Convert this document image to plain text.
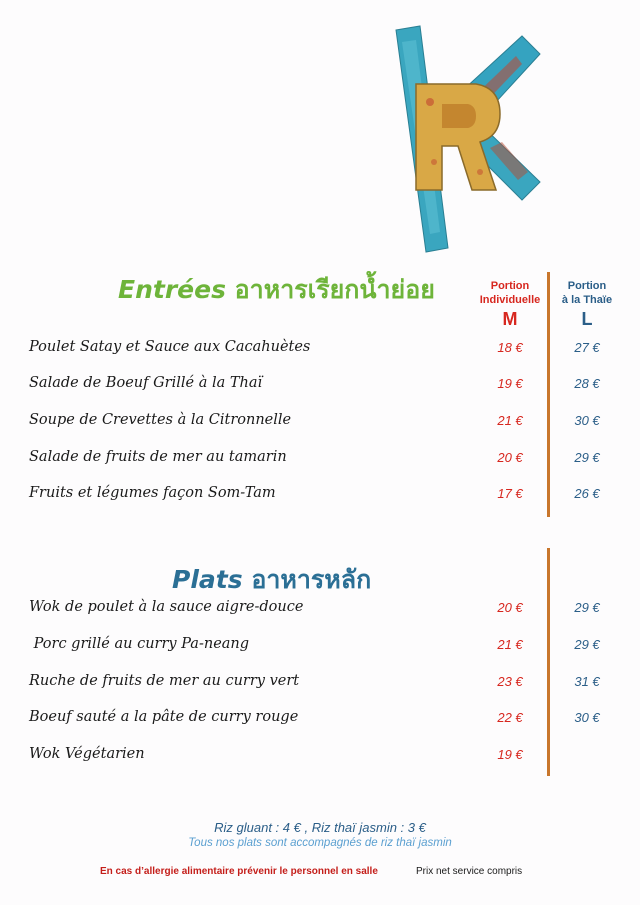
Entrées อาหารเรียกน้ำย่อย	Portion
Individuelle
Portion
à la Thaïe
M	L
Poulet Satay et Sauce aux Cacahuètes	18 €	27 €
Salade de Boeuf Grillé à la Thaï	19 €	28 €
Soupe de Crevettes à la Citronnelle	21 €	30 €
Salade de fruits de mer au tamarin	20 €	29 €
Fruits et légumes façon Som-Tam	17 €	26 €
Plats อาหารหลัก
Wok de poulet à la sauce aigre-douce	20 €	29 €
Porc grillé au curry Pa-neang	21 €	29 €
Ruche de fruits de mer au curry vert	23 €	31 €
Boeuf sauté a la pâte de curry rouge	22 €	30 €
Wok Végétarien	19 €
Riz gluant : 4 € , Riz thaï jasmin : 3 €
Tous nos plats sont accompagnés de riz thaï jasmin
En cas d’allergie alimentaire prévenir le personnel en salle	Prix net service compris
